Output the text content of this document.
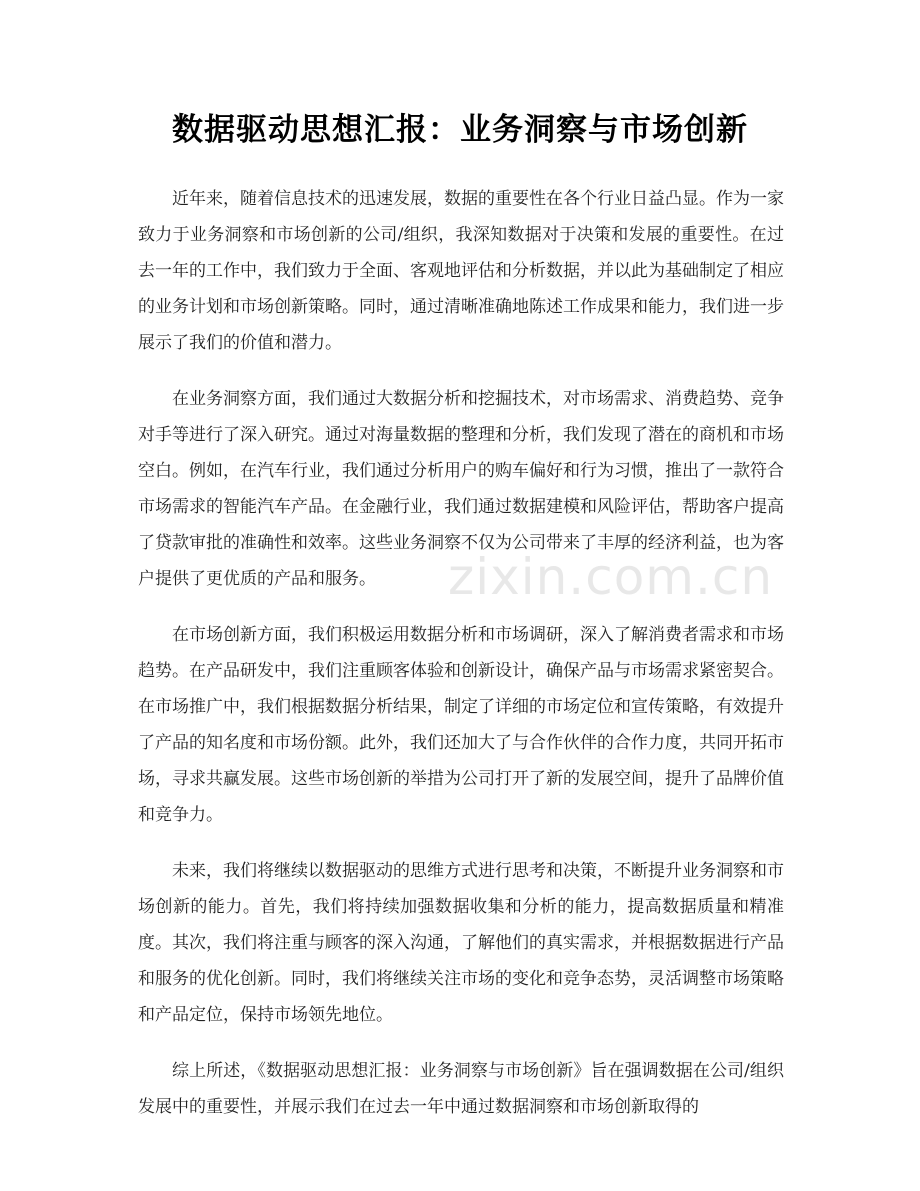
数据驱动思想汇报：业务洞察与市场创新

近年来，随着信息技术的迅速发展，数据的重要性在各个行业日益凸显。作为一家致力于业务洞察和市场创新的公司/组织，我深知数据对于决策和发展的重要性。在过去一年的工作中，我们致力于全面、客观地评估和分析数据，并以此为基础制定了相应的业务计划和市场创新策略。同时，通过清晰准确地陈述工作成果和能力，我们进一步展示了我们的价值和潜力。

在业务洞察方面，我们通过大数据分析和挖掘技术，对市场需求、消费趋势、竞争对手等进行了深入研究。通过对海量数据的整理和分析，我们发现了潜在的商机和市场空白。例如，在汽车行业，我们通过分析用户的购车偏好和行为习惯，推出了一款符合市场需求的智能汽车产品。在金融行业，我们通过数据建模和风险评估，帮助客户提高了贷款审批的准确性和效率。这些业务洞察不仅为公司带来了丰厚的经济利益，也为客户提供了更优质的产品和服务。

在市场创新方面，我们积极运用数据分析和市场调研，深入了解消费者需求和市场趋势。在产品研发中，我们注重顾客体验和创新设计，确保产品与市场需求紧密契合。在市场推广中，我们根据数据分析结果，制定了详细的市场定位和宣传策略，有效提升了产品的知名度和市场份额。此外，我们还加大了与合作伙伴的合作力度，共同开拓市场，寻求共赢发展。这些市场创新的举措为公司打开了新的发展空间，提升了品牌价值和竞争力。

未来，我们将继续以数据驱动的思维方式进行思考和决策，不断提升业务洞察和市场创新的能力。首先，我们将持续加强数据收集和分析的能力，提高数据质量和精准度。其次，我们将注重与顾客的深入沟通，了解他们的真实需求，并根据数据进行产品和服务的优化创新。同时，我们将继续关注市场的变化和竞争态势，灵活调整市场策略和产品定位，保持市场领先地位。

综上所述，《数据驱动思想汇报：业务洞察与市场创新》旨在强调数据在公司/组织发展中的重要性，并展示我们在过去一年中通过数据洞察和市场创新取得的

zixin.com.cn
